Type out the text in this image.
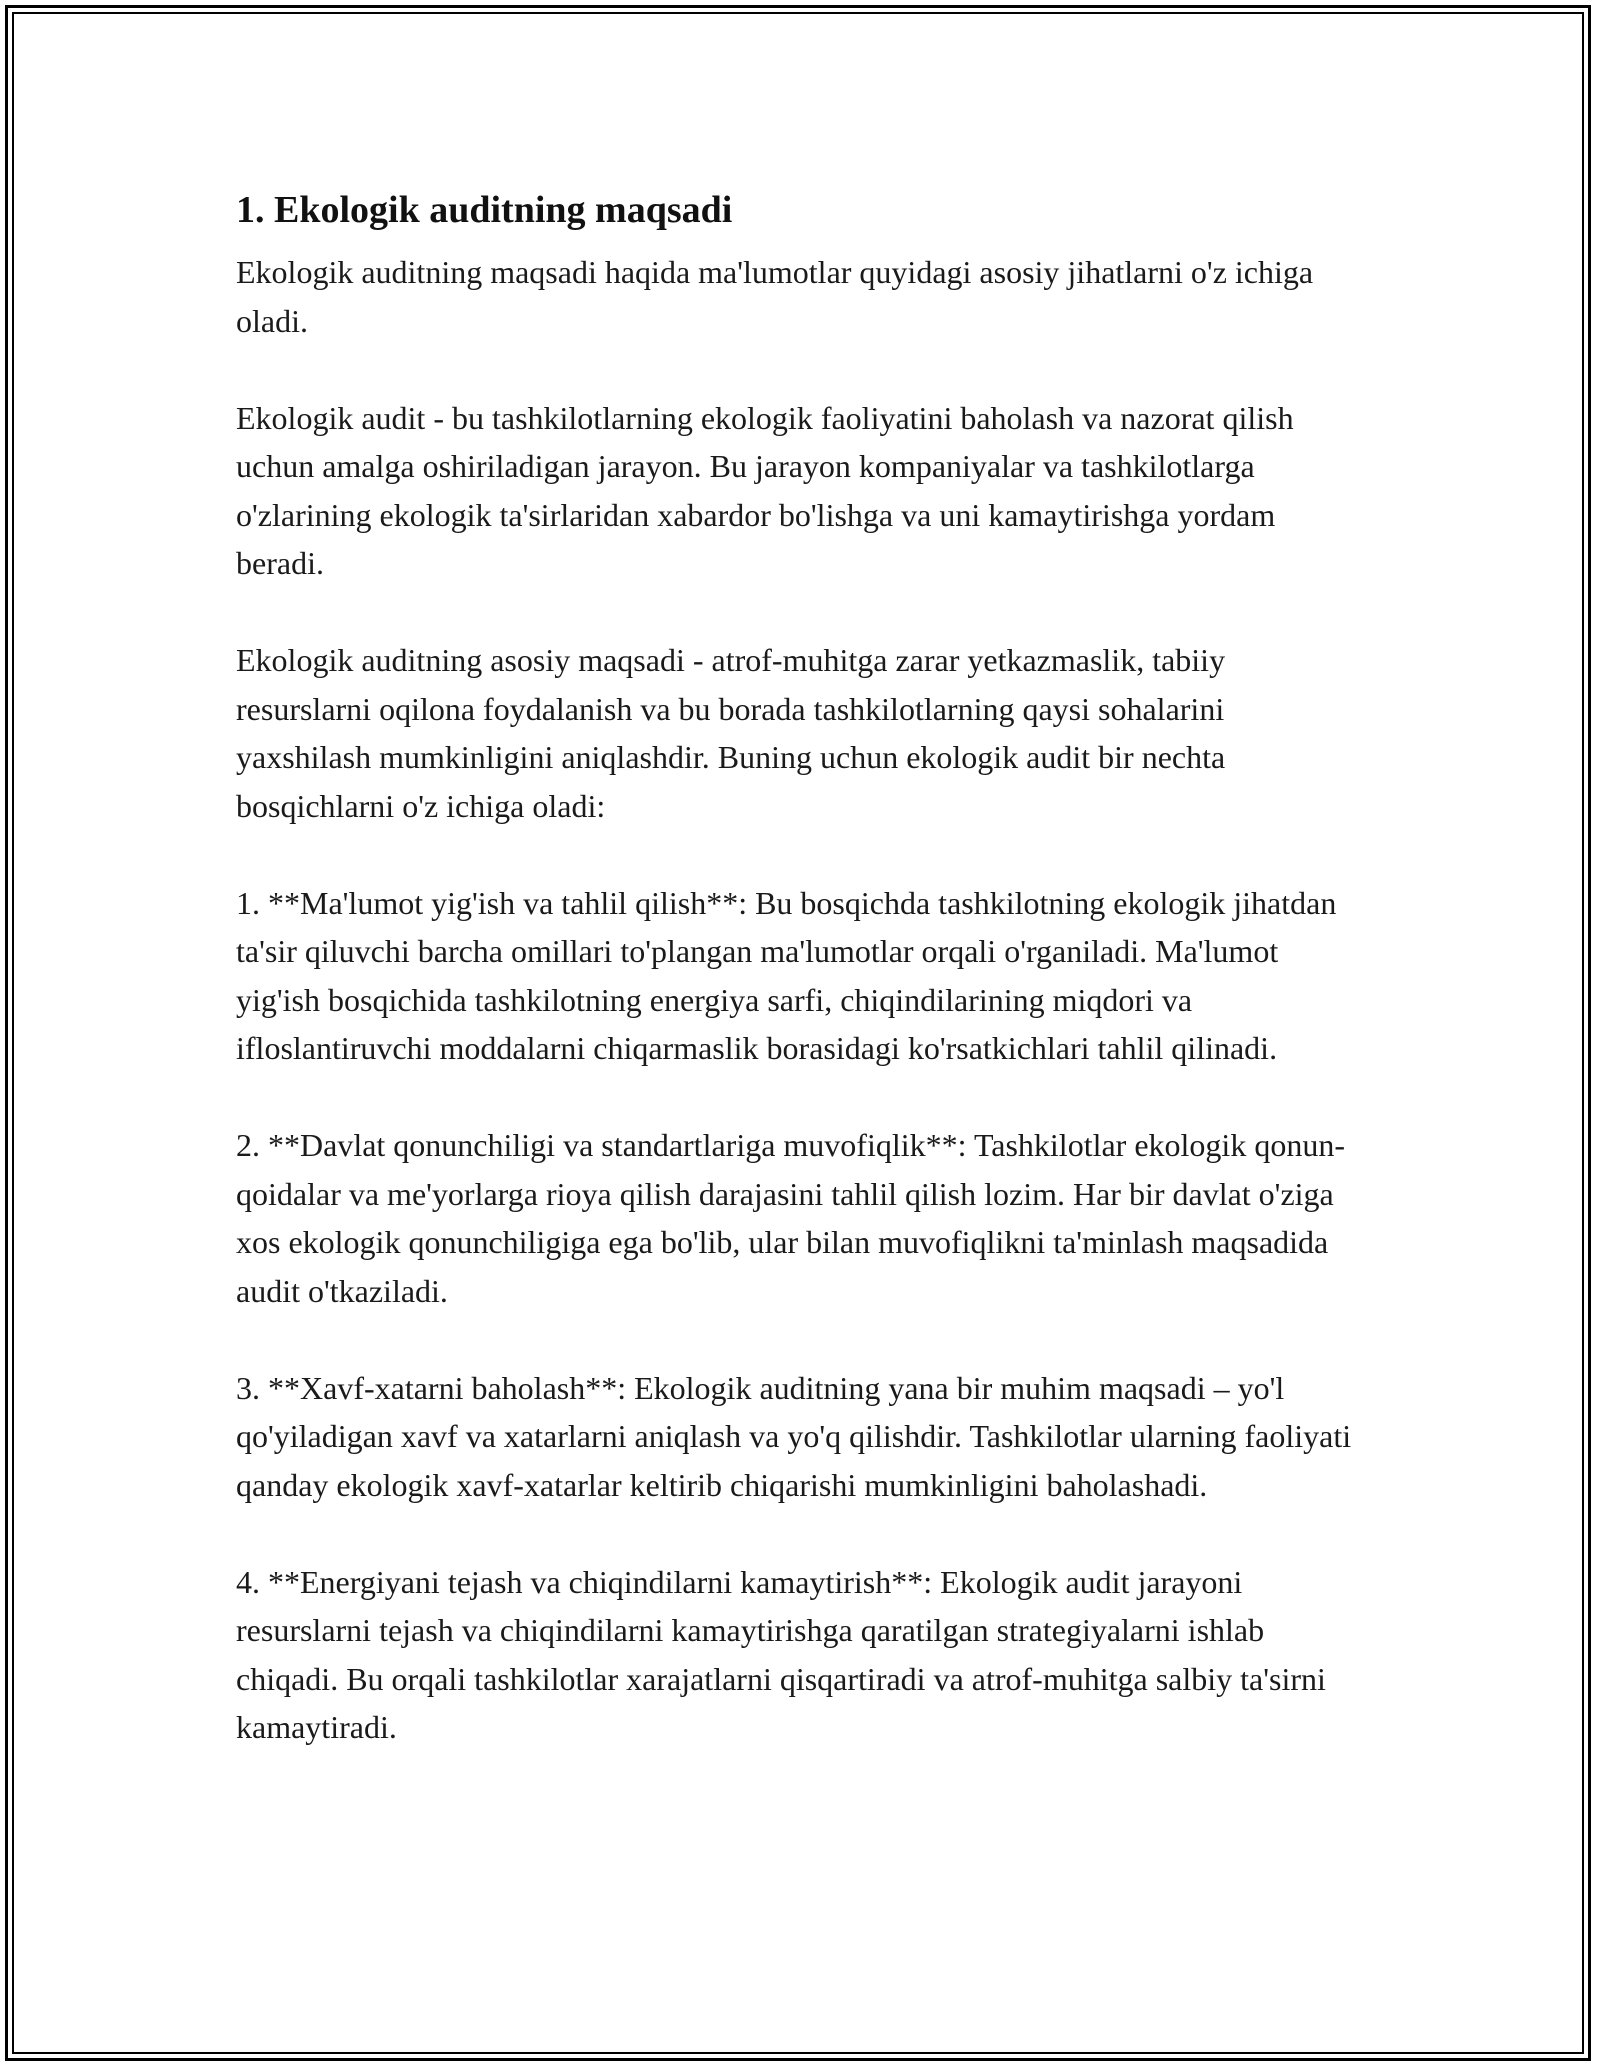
1. Ekologik auditning maqsadi

Ekologik auditning maqsadi haqida ma'lumotlar quyidagi asosiy jihatlarni o'z ichiga oladi.

Ekologik audit - bu tashkilotlarning ekologik faoliyatini baholash va nazorat qilish uchun amalga oshiriladigan jarayon. Bu jarayon kompaniyalar va tashkilotlarga o'zlarining ekologik ta'sirlaridan xabardor bo'lishga va uni kamaytirishga yordam beradi.

Ekologik auditning asosiy maqsadi - atrof-muhitga zarar yetkazmaslik, tabiiy resurslarni oqilona foydalanish va bu borada tashkilotlarning qaysi sohalarini yaxshilash mumkinligini aniqlashdir. Buning uchun ekologik audit bir nechta bosqichlarni o'z ichiga oladi:

1. **Ma'lumot yig'ish va tahlil qilish**: Bu bosqichda tashkilotning ekologik jihatdan ta'sir qiluvchi barcha omillari to'plangan ma'lumotlar orqali o'rganiladi. Ma'lumot yig'ish bosqichida tashkilotning energiya sarfi, chiqindilarining miqdori va ifloslantiruvchi moddalarni chiqarmaslik borasidagi ko'rsatkichlari tahlil qilinadi.

2. **Davlat qonunchiligi va standartlariga muvofiqlik**: Tashkilotlar ekologik qonun-qoidalar va me'yorlarga rioya qilish darajasini tahlil qilish lozim. Har bir davlat o'ziga xos ekologik qonunchiligiga ega bo'lib, ular bilan muvofiqlikni ta'minlash maqsadida audit o'tkaziladi.

3. **Xavf-xatarni baholash**: Ekologik auditning yana bir muhim maqsadi – yo'l qo'yiladigan xavf va xatarlarni aniqlash va yo'q qilishdir. Tashkilotlar ularning faoliyati qanday ekologik xavf-xatarlar keltirib chiqarishi mumkinligini baholashadi.

4. **Energiyani tejash va chiqindilarni kamaytirish**: Ekologik audit jarayoni resurslarni tejash va chiqindilarni kamaytirishga qaratilgan strategiyalarni ishlab chiqadi. Bu orqali tashkilotlar xarajatlarni qisqartiradi va atrof-muhitga salbiy ta'sirni kamaytiradi.
